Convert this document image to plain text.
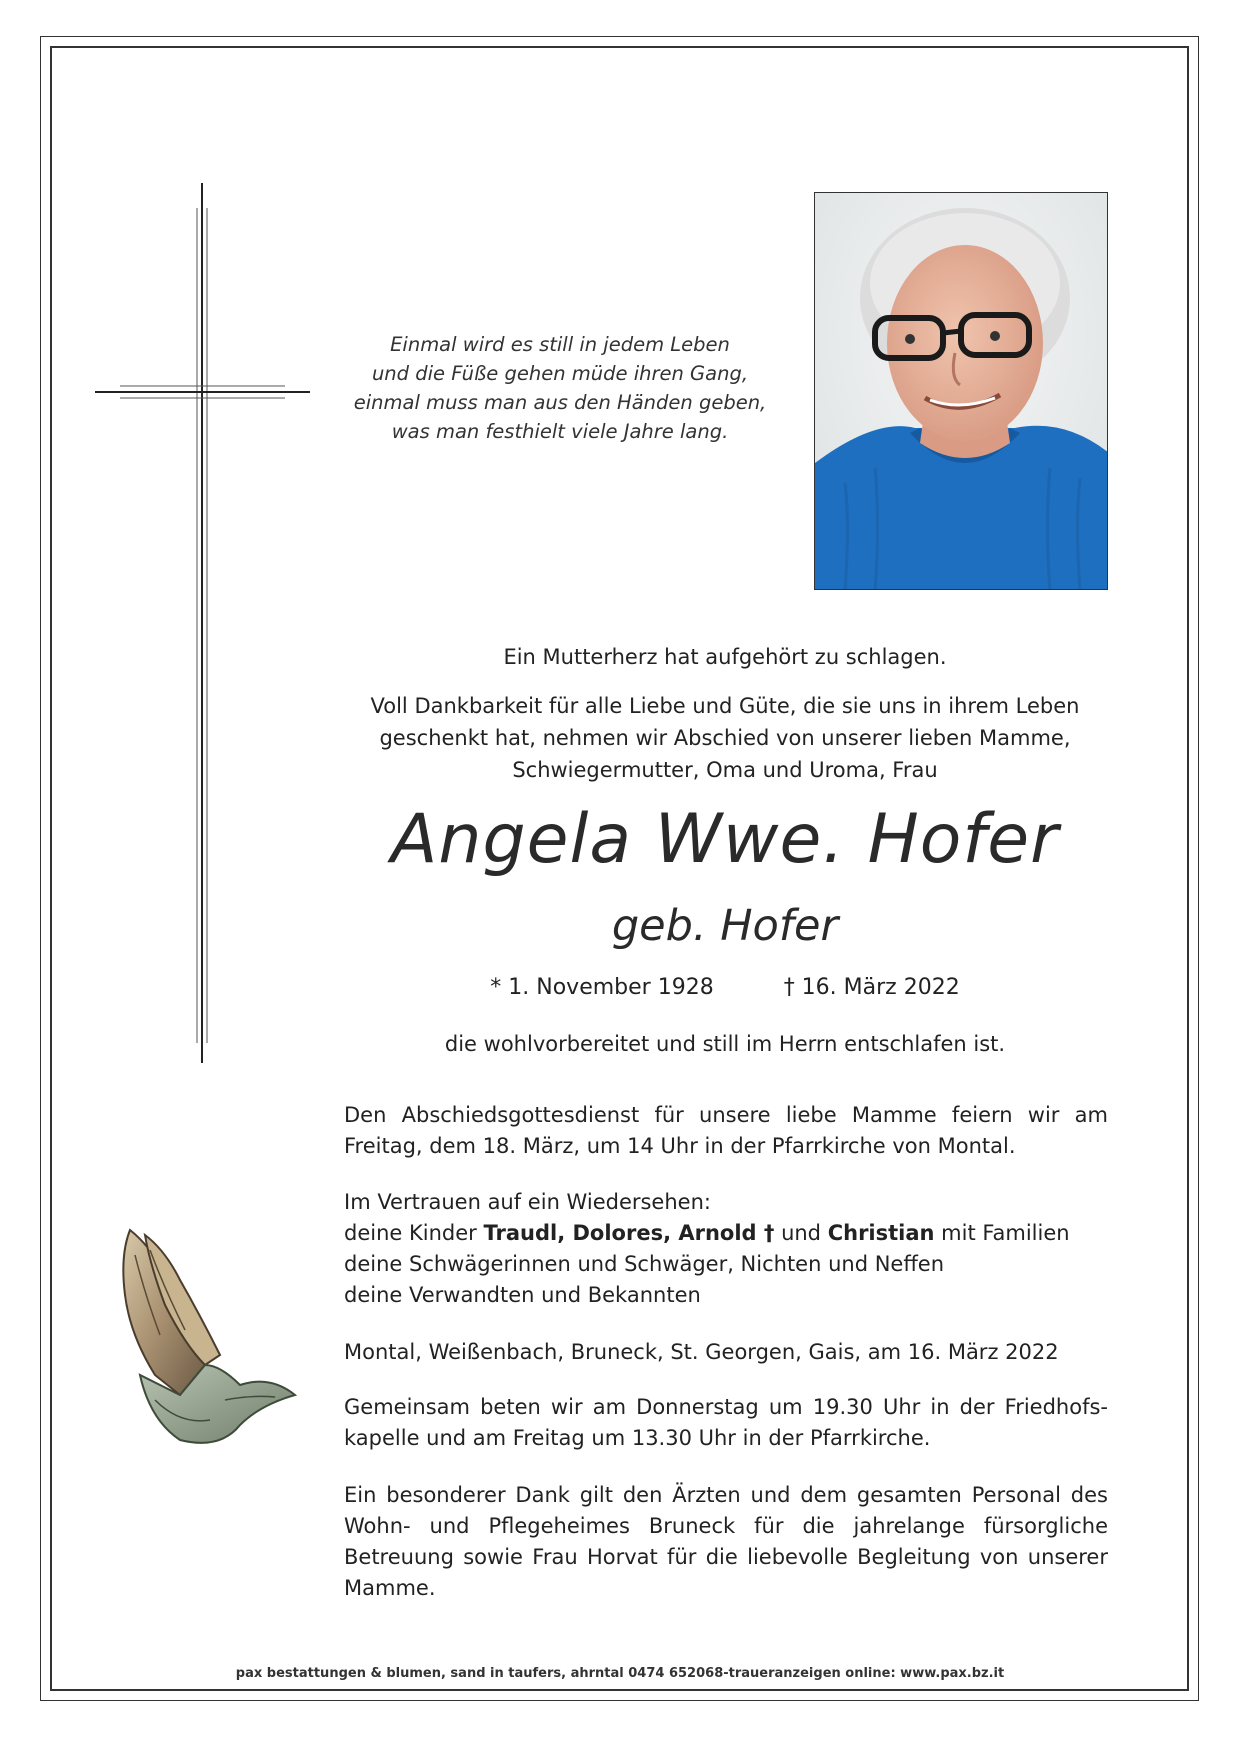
Einmal wird es still in jedem Leben
und die Füße gehen müde ihren Gang,
einmal muss man aus den Händen geben,
was man festhielt viele Jahre lang.
Ein Mutterherz hat aufgehört zu schlagen.
Voll Dankbarkeit für alle Liebe und Güte, die sie uns in ihrem Leben
geschenkt hat, nehmen wir Abschied von unserer lieben Mamme,
Schwiegermutter, Oma und Uroma, Frau
Angela Wwe. Hofer
geb. Hofer
* 1. November 1928	† 16. März 2022
die wohlvorbereitet und still im Herrn entschlafen ist.
Den Abschiedsgottesdienst für unsere liebe Mamme feiern wir am
Freitag, dem 18. März, um 14 Uhr in der Pfarrkirche von Montal.
Im Vertrauen auf ein Wiedersehen:
deine Kinder Traudl, Dolores, Arnold † und Christian mit Familien
deine Schwägerinnen und Schwäger, Nichten und Neffen
deine Verwandten und Bekannten
Montal, Weißenbach, Bruneck, St. Georgen, Gais, am 16. März 2022
Gemeinsam beten wir am Donnerstag um 19.30 Uhr in der Friedhofs-
kapelle und am Freitag um 13.30 Uhr in der Pfarrkirche.
Ein besonderer Dank gilt den Ärzten und dem gesamten Personal des
Wohn- und Pflegeheimes Bruneck für die jahrelange fürsorgliche
Betreuung sowie Frau Horvat für die liebevolle Begleitung von unserer
Mamme.
pax bestattungen & blumen, sand in taufers, ahrntal 0474 652068-traueranzeigen online: www.pax.bz.it
